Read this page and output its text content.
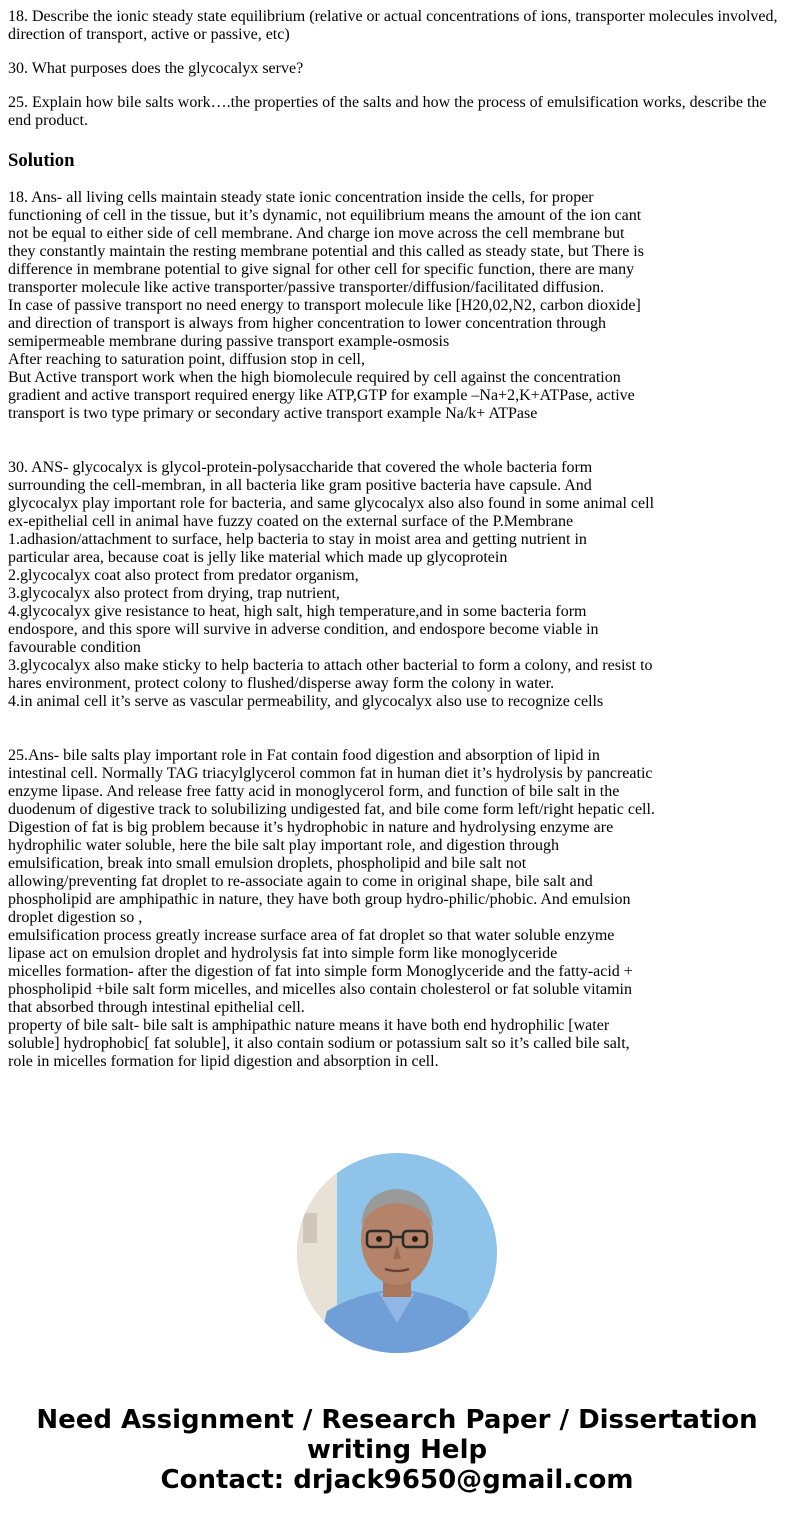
18. Describe the ionic steady state equilibrium (relative or actual concentrations of ions, transporter molecules involved, direction of transport, active or passive, etc)

30. What purposes does the glycocalyx serve?

25. Explain how bile salts work….the properties of the salts and how the process of emulsification works, describe the end product.

Solution
18. Ans- all living cells maintain steady state ionic concentration inside the cells, for proper
functioning of cell in the tissue, but it’s dynamic, not equilibrium means the amount of the ion cant
not be equal to either side of cell membrane. And charge ion move across the cell membrane but
they constantly maintain the resting membrane potential and this called as steady state, but There is
difference in membrane potential to give signal for other cell for specific function, there are many
transporter molecule like active transporter/passive transporter/diffusion/facilitated diffusion.
In case of passive transport no need energy to transport molecule like [H20,02,N2, carbon dioxide]
and direction of transport is always from higher concentration to lower concentration through
semipermeable membrane during passive transport example-osmosis
After reaching to saturation point, diffusion stop in cell,
But Active transport work when the high biomolecule required by cell against the concentration
gradient and active transport required energy like ATP,GTP for example –Na+2,K+ATPase, active
transport is two type primary or secondary active transport example Na/k+ ATPase

30. ANS- glycocalyx is glycol-protein-polysaccharide that covered the whole bacteria form
surrounding the cell-membran, in all bacteria like gram positive bacteria have capsule. And
glycocalyx play important role for bacteria, and same glycocalyx also also found in some animal cell
ex-epithelial cell in animal have fuzzy coated on the external surface of the P.Membrane
1.adhasion/attachment to surface, help bacteria to stay in moist area and getting nutrient in
particular area, because coat is jelly like material which made up glycoprotein
2.glycocalyx coat also protect from predator organism,
3.glycocalyx also protect from drying, trap nutrient,
4.glycocalyx give resistance to heat, high salt, high temperature,and in some bacteria form
endospore, and this spore will survive in adverse condition, and endospore become viable in
favourable condition
3.glycocalyx also make sticky to help bacteria to attach other bacterial to form a colony, and resist to
hares environment, protect colony to flushed/disperse away form the colony in water.
4.in animal cell it’s serve as vascular permeability, and glycocalyx also use to recognize cells

25.Ans- bile salts play important role in Fat contain food digestion and absorption of lipid in
intestinal cell. Normally TAG triacylglycerol common fat in human diet it’s hydrolysis by pancreatic
enzyme lipase. And release free fatty acid in monoglycerol form, and function of bile salt in the
duodenum of digestive track to solubilizing undigested fat, and bile come form left/right hepatic cell.
Digestion of fat is big problem because it’s hydrophobic in nature and hydrolysing enzyme are
hydrophilic water soluble, here the bile salt play important role, and digestion through
emulsification, break into small emulsion droplets, phospholipid and bile salt not
allowing/preventing fat droplet to re-associate again to come in original shape, bile salt and
phospholipid are amphipathic in nature, they have both group hydro-philic/phobic. And emulsion
droplet digestion so ,
emulsification process greatly increase surface area of fat droplet so that water soluble enzyme
lipase act on emulsion droplet and hydrolysis fat into simple form like monoglyceride
micelles formation- after the digestion of fat into simple form Monoglyceride and the fatty-acid +
phospholipid +bile salt form micelles, and micelles also contain cholesterol or fat soluble vitamin
that absorbed through intestinal epithelial cell.
property of bile salt- bile salt is amphipathic nature means it have both end hydrophilic [water
soluble] hydrophobic[ fat soluble], it also contain sodium or potassium salt so it’s called bile salt,
role in micelles formation for lipid digestion and absorption in cell.

Need Assignment / Research Paper / Dissertation
writing Help
Contact: drjack9650@gmail.com
